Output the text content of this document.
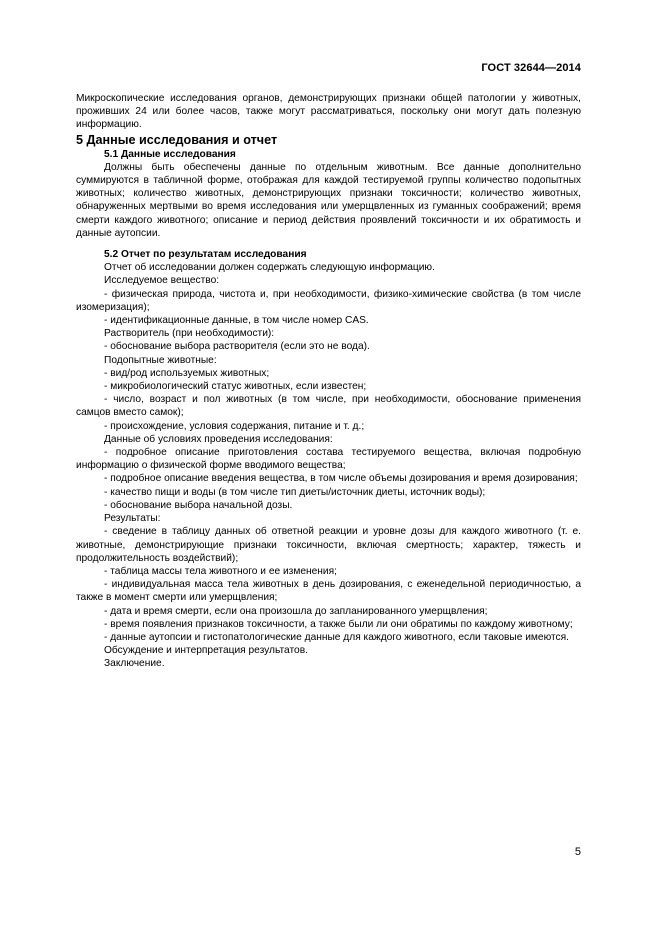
ГОСТ 32644—2014

Микроскопические исследования органов, демонстрирующих признаки общей патологии у животных, проживших 24 или более часов, также могут рассматриваться, поскольку они могут дать полезную информацию.

5 Данные исследования и отчет

5.1 Данные исследования

Должны быть обеспечены данные по отдельным животным. Все данные дополнительно суммируются в табличной форме, отображая для каждой тестируемой группы количество подопытных животных; количество животных, демонстрирующих признаки токсичности; количество животных, обнаруженных мертвыми во время исследования или умерщвленных из гуманных соображений; время смерти каждого животного; описание и период действия проявлений токсичности и их обратимость и данные аутопсии.

5.2 Отчет по результатам исследования

Отчет об исследовании должен содержать следующую информацию.

Исследуемое вещество:

- физическая природа, чистота и, при необходимости, физико-химические свойства (в том числе изомеризация);

- идентификационные данные, в том числе номер CAS.

Растворитель (при необходимости):

- обоснование выбора растворителя (если это не вода).

Подопытные животные:

- вид/род используемых животных;

- микробиологический статус животных, если известен;

- число, возраст и пол животных (в том числе, при необходимости, обоснование применения самцов вместо самок);

- происхождение, условия содержания, питание и т. д.;

Данные об условиях проведения исследования:

- подробное описание приготовления состава тестируемого вещества, включая подробную информацию о физической форме вводимого вещества;

- подробное описание введения вещества, в том числе объемы дозирования и время дозирования;

- качество пищи и воды (в том числе тип диеты/источник диеты, источник воды);

- обоснование выбора начальной дозы.

Результаты:

- сведение в таблицу данных об ответной реакции и уровне дозы для каждого животного (т. е. животные, демонстрирующие признаки токсичности, включая смертность; характер, тяжесть и продолжительность воздействий);

- таблица массы тела животного и ее изменения;

- индивидуальная масса тела животных в день дозирования, с еженедельной периодичностью, а также в момент смерти или умерщвления;

- дата и время смерти, если она произошла до запланированного умерщвления;

- время появления признаков токсичности, а также были ли они обратимы по каждому животному;

- данные аутопсии и гистопатологические данные для каждого животного, если таковые имеются.

Обсуждение и интерпретация результатов.

Заключение.

5
